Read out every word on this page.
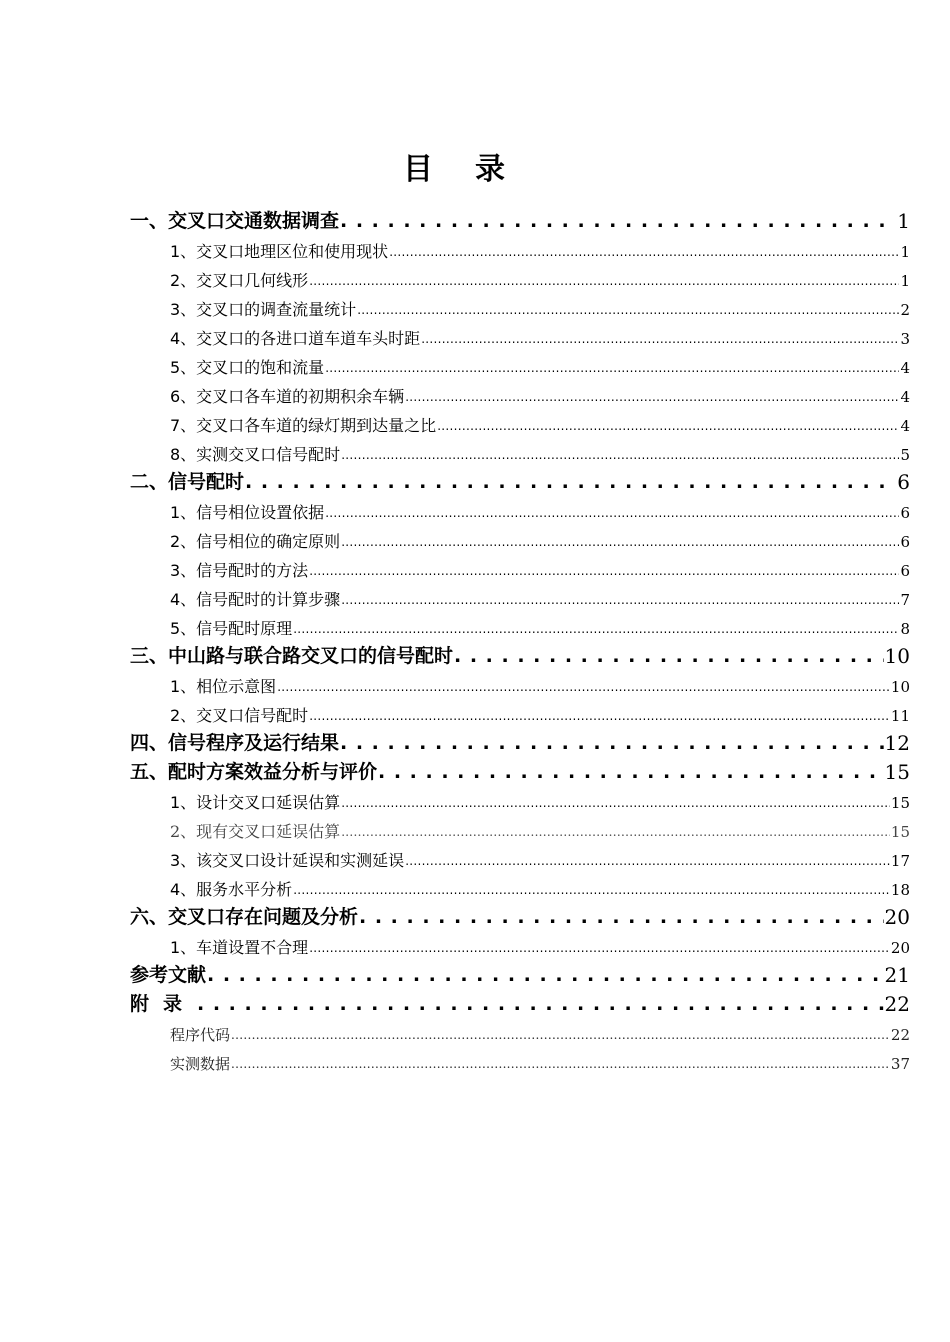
目录
一、交叉口交通数据调查 . . .	1
1、交叉口地理区位和使用现状 .....	1
2、交叉口几何线形 .....	1
3、交叉口的调查流量统计 .....	2
4、交叉口的各进口道车道车头时距 .....	3
5、交叉口的饱和流量 .....	4
6、交叉口各车道的初期积余车辆 .....	4
7、交叉口各车道的绿灯期到达量之比 .....	4
8、实测交叉口信号配时 .....	5
二、信号配时 . . .	6
1、信号相位设置依据 .....	6
2、信号相位的确定原则 .....	6
3、信号配时的方法 .....	6
4、信号配时的计算步骤 .....	7
5、信号配时原理 .....	8
三、中山路与联合路交叉口的信号配时 . . .	10
1、相位示意图 .....	10
2、交叉口信号配时 .....	11
四、信号程序及运行结果 . . .	12
五、配时方案效益分析与评价 . . .	15
1、设计交叉口延误估算 .....	15
2、现有交叉口延误估算 .....	15
3、该交叉口设计延误和实测延误 .....	17
4、服务水平分析 .....	18
六、交叉口存在问题及分析 . . .	20
1、车道设置不合理 .....	20
参考文献 . . .	21
附录 . . .	22
程序代码 .....	22
实测数据 .....	37
